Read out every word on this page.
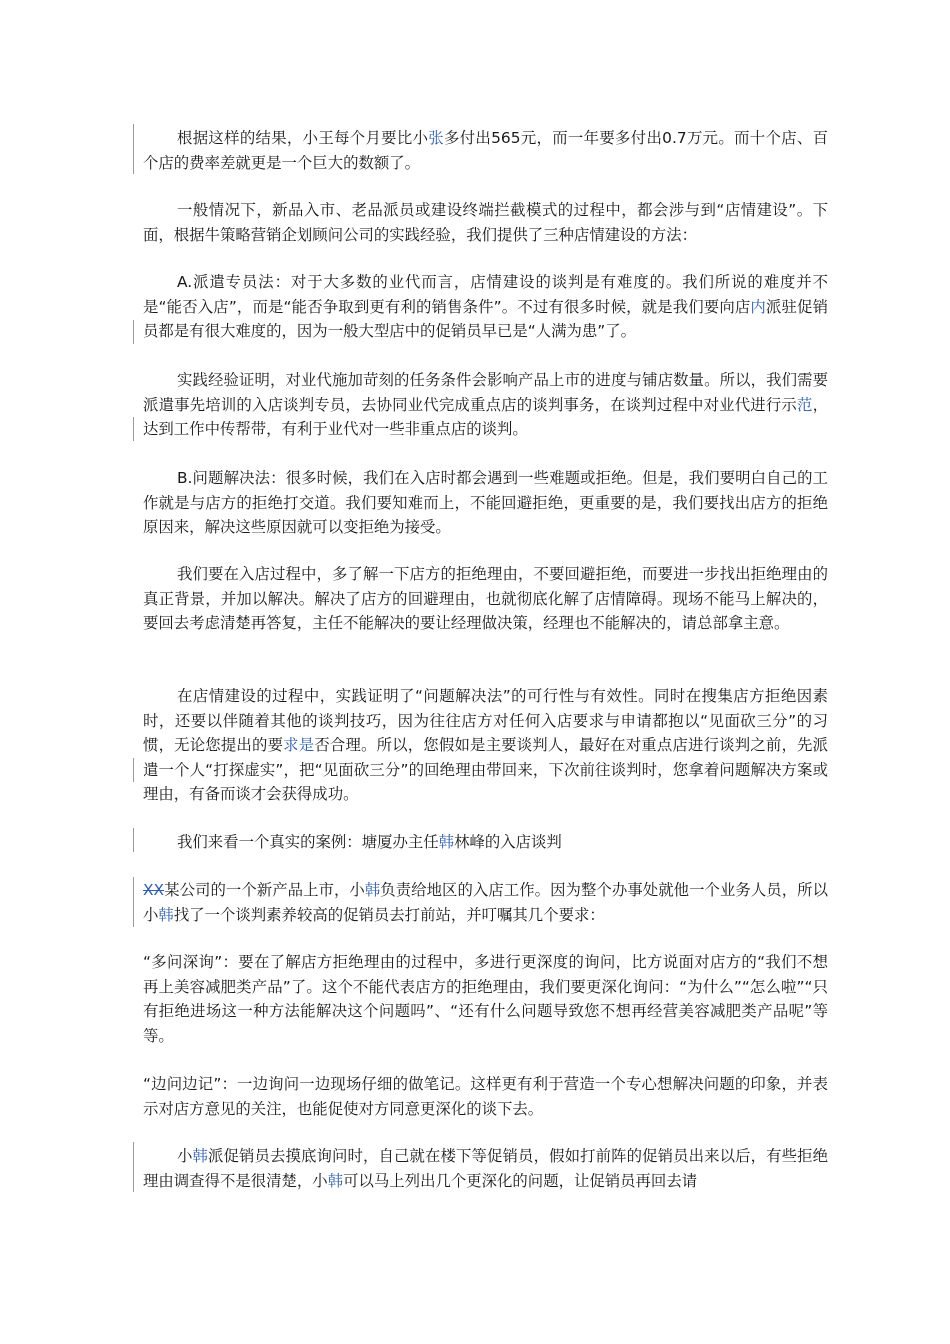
根据这样的结果，小王每个月要比小张多付出565元，而一年要多付出0.7万元。而十个店、百个店的费率差就更是一个巨大的数额了。

一般情况下，新品入市、老品派员或建设终端拦截模式的过程中，都会涉与到“店情建设”。下面，根据牛策略营销企划顾问公司的实践经验，我们提供了三种店情建设的方法：

A.派遣专员法：对于大多数的业代而言，店情建设的谈判是有难度的。我们所说的难度并不是“能否入店”，而是“能否争取到更有利的销售条件”。不过有很多时候，就是我们要向店内派驻促销员都是有很大难度的，因为一般大型店中的促销员早已是“人满为患”了。

实践经验证明，对业代施加苛刻的任务条件会影响产品上市的进度与铺店数量。所以，我们需要派遣事先培训的入店谈判专员，去协同业代完成重点店的谈判事务，在谈判过程中对业代进行示范，达到工作中传帮带，有利于业代对一些非重点店的谈判。

B.问题解决法：很多时候，我们在入店时都会遇到一些难题或拒绝。但是，我们要明白自己的工作就是与店方的拒绝打交道。我们要知难而上，不能回避拒绝，更重要的是，我们要找出店方的拒绝原因来，解决这些原因就可以变拒绝为接受。

我们要在入店过程中，多了解一下店方的拒绝理由，不要回避拒绝，而要进一步找出拒绝理由的真正背景，并加以解决。解决了店方的回避理由，也就彻底化解了店情障碍。现场不能马上解决的，要回去考虑清楚再答复，主任不能解决的要让经理做决策，经理也不能解决的，请总部拿主意。

在店情建设的过程中，实践证明了“问题解决法”的可行性与有效性。同时在搜集店方拒绝因素时，还要以伴随着其他的谈判技巧，因为往往店方对任何入店要求与申请都抱以“见面砍三分”的习惯，无论您提出的要求是否合理。所以，您假如是主要谈判人，最好在对重点店进行谈判之前，先派遣一个人“打探虚实”，把“见面砍三分”的回绝理由带回来，下次前往谈判时，您拿着问题解决方案或理由，有备而谈才会获得成功。

我们来看一个真实的案例：塘厦办主任韩林峰的入店谈判

XX某公司的一个新产品上市，小韩负责给地区的入店工作。因为整个办事处就他一个业务人员，所以小韩找了一个谈判素养较高的促销员去打前站，并叮嘱其几个要求：

“多问深询”：要在了解店方拒绝理由的过程中，多进行更深度的询问，比方说面对店方的“我们不想再上美容减肥类产品”了。这个不能代表店方的拒绝理由，我们要更深化询问：“为什么”“怎么啦”“只有拒绝进场这一种方法能解决这个问题吗”、“还有什么问题导致您不想再经营美容减肥类产品呢”等等。

“边问边记”：一边询问一边现场仔细的做笔记。这样更有利于营造一个专心想解决问题的印象，并表示对店方意见的关注，也能促使对方同意更深化的谈下去。

小韩派促销员去摸底询问时，自己就在楼下等促销员，假如打前阵的促销员出来以后，有些拒绝理由调查得不是很清楚，小韩可以马上列出几个更深化的问题，让促销员再回去请
